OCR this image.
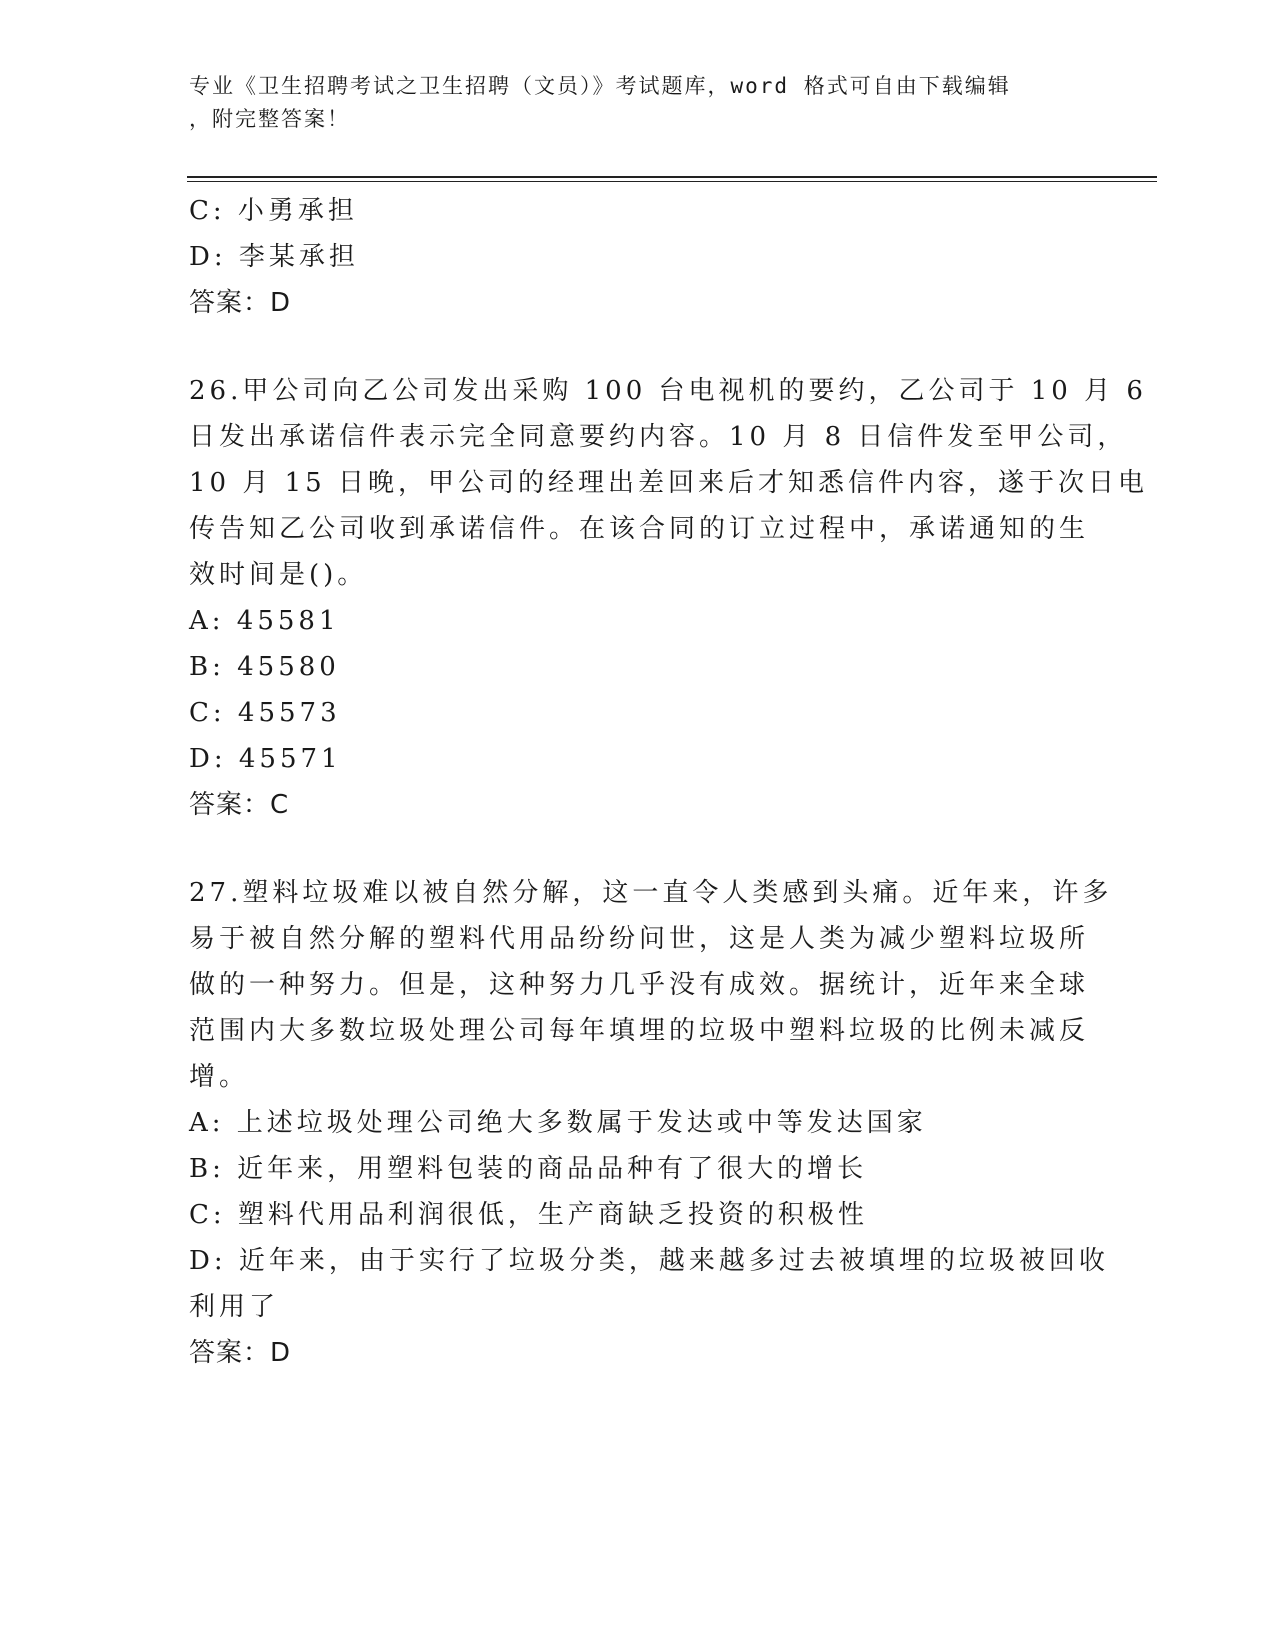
专业《卫生招聘考试之卫生招聘（文员）》考试题库，word 格式可自由下载编辑
，附完整答案！
C: 小勇承担
D: 李某承担
答案：D
26.甲公司向乙公司发出采购 100 台电视机的要约，乙公司于 10 月 6
日发出承诺信件表示完全同意要约内容。10 月 8 日信件发至甲公司，
10 月 15 日晚，甲公司的经理出差回来后才知悉信件内容，遂于次日电
传告知乙公司收到承诺信件。在该合同的订立过程中，承诺通知的生
效时间是()。
A: 45581
B: 45580
C: 45573
D: 45571
答案：C
27.塑料垃圾难以被自然分解，这一直令人类感到头痛。近年来，许多
易于被自然分解的塑料代用品纷纷问世，这是人类为减少塑料垃圾所
做的一种努力。但是，这种努力几乎没有成效。据统计，近年来全球
范围内大多数垃圾处理公司每年填埋的垃圾中塑料垃圾的比例未减反
增。
A: 上述垃圾处理公司绝大多数属于发达或中等发达国家
B: 近年来，用塑料包装的商品品种有了很大的增长
C: 塑料代用品利润很低，生产商缺乏投资的积极性
D: 近年来，由于实行了垃圾分类，越来越多过去被填埋的垃圾被回收
利用了
答案：D
